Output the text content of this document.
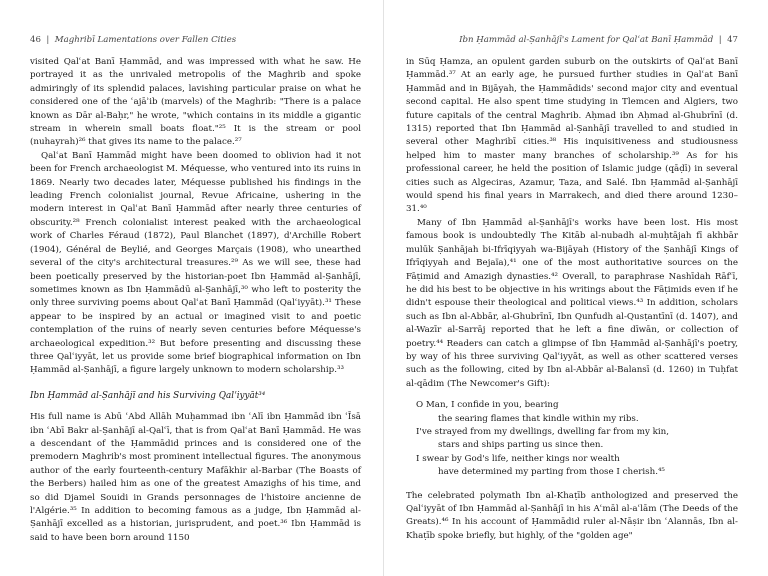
46  |  Maghribī Lamentations over Fallen Cities

visited Qalʿat Banī Ḥammād, and was impressed with what he saw. He portrayed it as the unrivaled metropolis of the Maghrib and spoke admiringly of its splendid palaces, lavishing particular praise on what he considered one of the ʿajāʾib (marvels) of the Maghrib: "There is a palace known as Dār al-Baḥr," he wrote, "which contains in its middle a gigantic stream in wherein small boats float."²⁵ It is the stream or pool (nuhayrah)²⁶ that gives its name to the palace.²⁷

Qalʿat Banī Ḥammād might have been doomed to oblivion had it not been for French archaeologist M. Méquesse, who ventured into its ruins in 1869. Nearly two decades later, Méquesse published his findings in the leading French colonialist journal, Revue Africaine, ushering in the modern interest in Qalʿat Banī Ḥammād after nearly three centuries of obscurity.²⁸ French colonialist interest peaked with the archaeological work of Charles Féraud (1872), Paul Blanchet (1897), d'Archille Robert (1904), Général de Beylié, and Georges Marçais (1908), who unearthed several of the city's architectural treasures.²⁹ As we will see, these had been poetically preserved by the historian-poet Ibn Ḥammād al-Ṣanhājī, sometimes known as Ibn Ḥammādū al-Ṣanhājī,³⁰ who left to posterity the only three surviving poems about Qalʿat Banī Ḥammād (Qalʿiyyāt).³¹ These appear to be inspired by an actual or imagined visit to and poetic contemplation of the ruins of nearly seven centuries before Méquesse's archaeological expedition.³² But before presenting and discussing these three Qalʿiyyāt, let us provide some brief biographical information on Ibn Ḥammād al-Ṣanhājī, a figure largely unknown to modern scholarship.³³

Ibn Ḥammād al-Ṣanhājī and his Surviving Qalʿiyyāt³⁴

His full name is Abū ʿAbd Allāh Muḥammad ibn ʿAlī ibn Ḥammād ibn ʿĪsā ibn ʿAbī Bakr al-Ṣanhājī al-Qalʿī, that is from Qalʿat Banī Ḥammād. He was a descendant of the Ḥammādid princes and is considered one of the premodern Maghrib's most prominent intellectual figures. The anonymous author of the early fourteenth-century Mafākhir al-Barbar (The Boasts of the Berbers) hailed him as one of the greatest Amazighs of his time, and so did Djamel Souidi in Grands personnages de l'histoire ancienne de l'Algérie.³⁵ In addition to becoming famous as a judge, Ibn Ḥammād al-Ṣanhājī excelled as a historian, jurisprudent, and poet.³⁶ Ibn Ḥammād is said to have been born around 1150

Ibn Ḥammād al-Ṣanhājī's Lament for Qalʿat Banī Ḥammād  |  47

in Sūq Ḥamza, an opulent garden suburb on the outskirts of Qalʿat Banī Ḥammād.³⁷ At an early age, he pursued further studies in Qalʿat Banī Ḥammād and in Bijāyah, the Ḥammādids' second major city and eventual second capital. He also spent time studying in Tlemcen and Algiers, two future capitals of the central Maghrib. Aḥmad ibn Aḥmad al-Ghubrīnī (d. 1315) reported that Ibn Ḥammād al-Ṣanhājī travelled to and studied in several other Maghribī cities.³⁸ His inquisitiveness and studiousness helped him to master many branches of scholarship.³⁹ As for his professional career, he held the position of Islamic judge (qāḍī) in several cities such as Algeciras, Azamur, Taza, and Salé. Ibn Ḥammād al-Ṣanhājī would spend his final years in Marrakech, and died there around 1230–31.⁴⁰

Many of Ibn Ḥammād al-Ṣanhājī's works have been lost. His most famous book is undoubtedly The Kitāb al-nubadh al-muḥtājah fī akhbār mulūk Ṣanhājah bi-Ifrīqiyyah wa-Bijāyah (History of the Ṣanhājī Kings of Ifrīqiyyah and Bejaïa),⁴¹ one of the most authoritative sources on the Fāṭimid and Amazigh dynasties.⁴² Overall, to paraphrase Nashīdah Rāfʿī, he did his best to be objective in his writings about the Fāṭimids even if he didn't espouse their theological and political views.⁴³ In addition, scholars such as Ibn al-Abbār, al-Ghubrīnī, Ibn Qunfudh al-Qusṭantīnī (d. 1407), and al-Wazīr al-Sarrāj reported that he left a fine dīwān, or collection of poetry.⁴⁴ Readers can catch a glimpse of Ibn Ḥammād al-Ṣanhājī's poetry, by way of his three surviving Qalʿiyyāt, as well as other scattered verses such as the following, cited by Ibn al-Abbār al-Balansī (d. 1260) in Tuḥfat al-qādim (The Newcomer's Gift):

O Man, I confide in you, bearing
the searing flames that kindle within my ribs.
I've strayed from my dwellings, dwelling far from my kin,
stars and ships parting us since then.
I swear by God's life, neither kings nor wealth
have determined my parting from those I cherish.⁴⁵

The celebrated polymath Ibn al-Khaṭīb anthologized and preserved the Qalʿiyyāt of Ibn Ḥammād al-Ṣanhājī in his Aʿmāl al-aʿlām (The Deeds of the Greats).⁴⁶ In his account of Ḥammādid ruler al-Nāṣir ibn ʿAlannās, Ibn al-Khaṭīb spoke briefly, but highly, of the "golden age"
